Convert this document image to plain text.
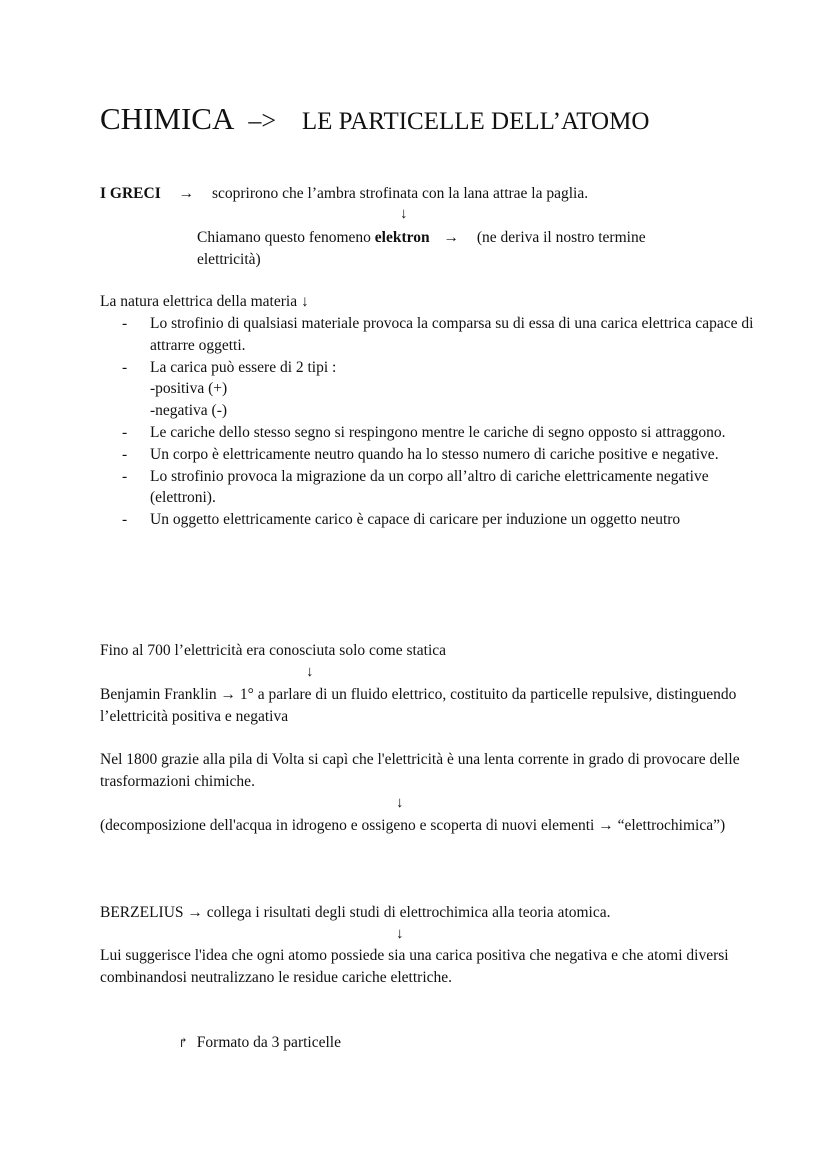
CHIMICA –> LE PARTICELLE DELL’ATOMO
I GRECI → scoprirono che l’ambra strofinata con la lana attrae la paglia.
↓
Chiamano questo fenomeno elektron → (ne deriva il nostro termine
elettricità)
La natura elettrica della materia ↓
- Lo strofinio di qualsiasi materiale provoca la comparsa su di essa di una carica elettrica capace di attrarre oggetti.
- La carica può essere di 2 tipi :
-positiva (+)
-negativa (-)
- Le cariche dello stesso segno si respingono mentre le cariche di segno opposto si attraggono.
- Un corpo è elettricamente neutro quando ha lo stesso numero di cariche positive e negative.
- Lo strofinio provoca la migrazione da un corpo all’altro di cariche elettricamente negative (elettroni).
- Un oggetto elettricamente carico è capace di caricare per induzione un oggetto neutro
Fino al 700 l’elettricità era conosciuta solo come statica
↓
Benjamin Franklin → 1° a parlare di un fluido elettrico, costituito da particelle repulsive, distinguendo l’elettricità positiva e negativa
Nel 1800 grazie alla pila di Volta si capì che l'elettricità è una lenta corrente in grado di provocare delle trasformazioni chimiche.
↓
(decomposizione dell'acqua in idrogeno e ossigeno e scoperta di nuovi elementi → “elettrochimica”)
BERZELIUS → collega i risultati degli studi di elettrochimica alla teoria atomica.
↓
Lui suggerisce l'idea che ogni atomo possiede sia una carica positiva che negativa e che atomi diversi combinandosi neutralizzano le residue cariche elettriche.
↱ Formato da 3 particelle
